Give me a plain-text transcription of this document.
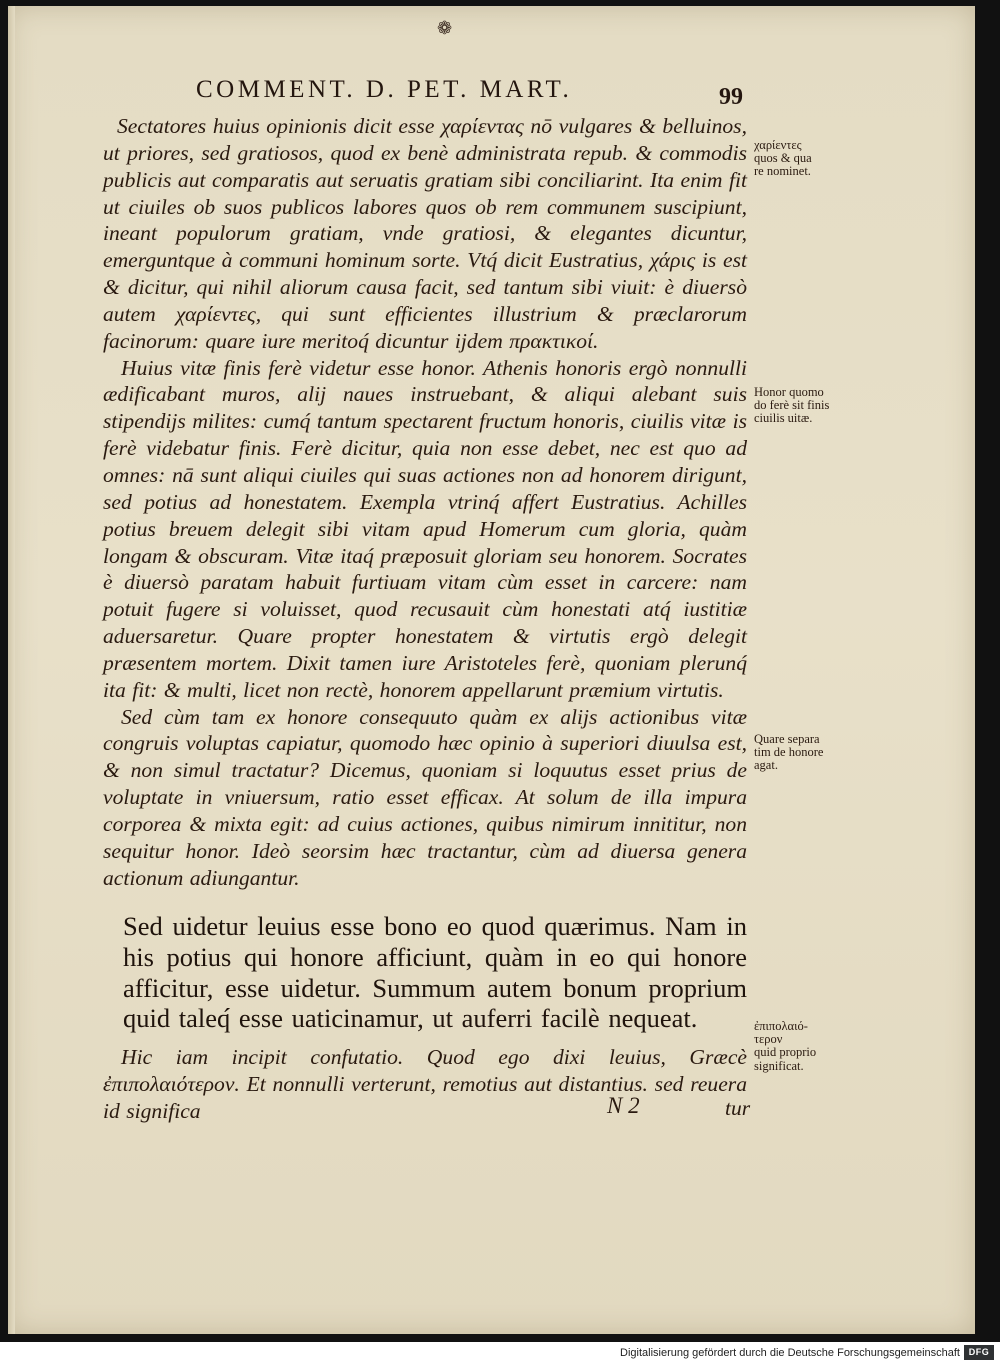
❁
COMMENT. D. PET. MART.	99

Sectatores huius opinionis dicit esse χαρίεντας nō vulgares & belluinos, ut priores, sed gratiosos, quod ex benè administrata repub. & commodis publicis aut comparatis aut seruatis gratiam sibi conciliarint. Ita enim fit ut ciuiles ob suos publicos labores quos ob rem communem suscipiunt, ineant populorum gratiam, vnde gratiosi, & elegantes dicuntur, emerguntque à communi hominum sorte. Vtq́ dicit Eustratius, χάρις is est & dicitur, qui nihil aliorum causa facit, sed tantum sibi viuit: è diuersò autem χαρίεντες, qui sunt efficientes illustrium & præclarorum facinorum: quare iure meritoq́ dicuntur ijdem πρακτικοί.

Huius vitæ finis ferè videtur esse honor. Athenis honoris ergò nonnulli ædificabant muros, alij naues instruebant, & aliqui alebant suis stipendijs milites: cumq́ tantum spectarent fructum honoris, ciuilis vitæ is ferè videbatur finis. Ferè dicitur, quia non esse debet, nec est quo ad omnes: nā sunt aliqui ciuiles qui suas actiones non ad honorem dirigunt, sed potius ad honestatem. Exempla vtrinq́ affert Eustratius. Achilles potius breuem delegit sibi vitam apud Homerum cum gloria, quàm longam & obscuram. Vitæ itaq́ præposuit gloriam seu honorem. Socrates è diuersò paratam habuit furtiuam vitam cùm esset in carcere: nam potuit fugere si voluisset, quod recusauit cùm honestati atq́ iustitiæ aduersaretur. Quare propter honestatem & virtutis ergò delegit præsentem mortem. Dixit tamen iure Aristoteles ferè, quoniam plerunq́ ita fit: & multi, licet non rectè, honorem appellarunt præmium virtutis.

Sed cùm tam ex honore consequuto quàm ex alijs actionibus vitæ congruis voluptas capiatur, quomodo hæc opinio à superiori diuulsa est, & non simul tractatur? Dicemus, quoniam si loquutus esset prius de voluptate in vniuersum, ratio esset efficax. At solum de illa impura corporea & mixta egit: ad cuius actiones, quibus nimirum innititur, non sequitur honor. Ideò seorsim hæc tractantur, cùm ad diuersa genera actionum adiungantur.

Sed uidetur leuius esse bono eo quod quærimus. Nam in his potius qui honore afficiunt, quàm in eo qui honore afficitur, esse uidetur. Summum autem bonum proprium quid taleq́ esse uaticinamur, ut auferri facilè nequeat.

Hic iam incipit confutatio. Quod ego dixi leuius, Græcè ἐπιπολαιότερον. Et nonnulli verterunt, remotius aut distantius. sed reuera id significa

χαρίεντες
quos & qua
re nominet.
Honor quomo
do ferè sit finis
ciuilis uitæ.
Quare separa
tim de honore
agat.
ἐπιπολαιό-
τερον
quid proprio
significat.
N 2	tur
Digitalisierung gefördert durch die Deutsche Forschungsgemeinschaft DFG
